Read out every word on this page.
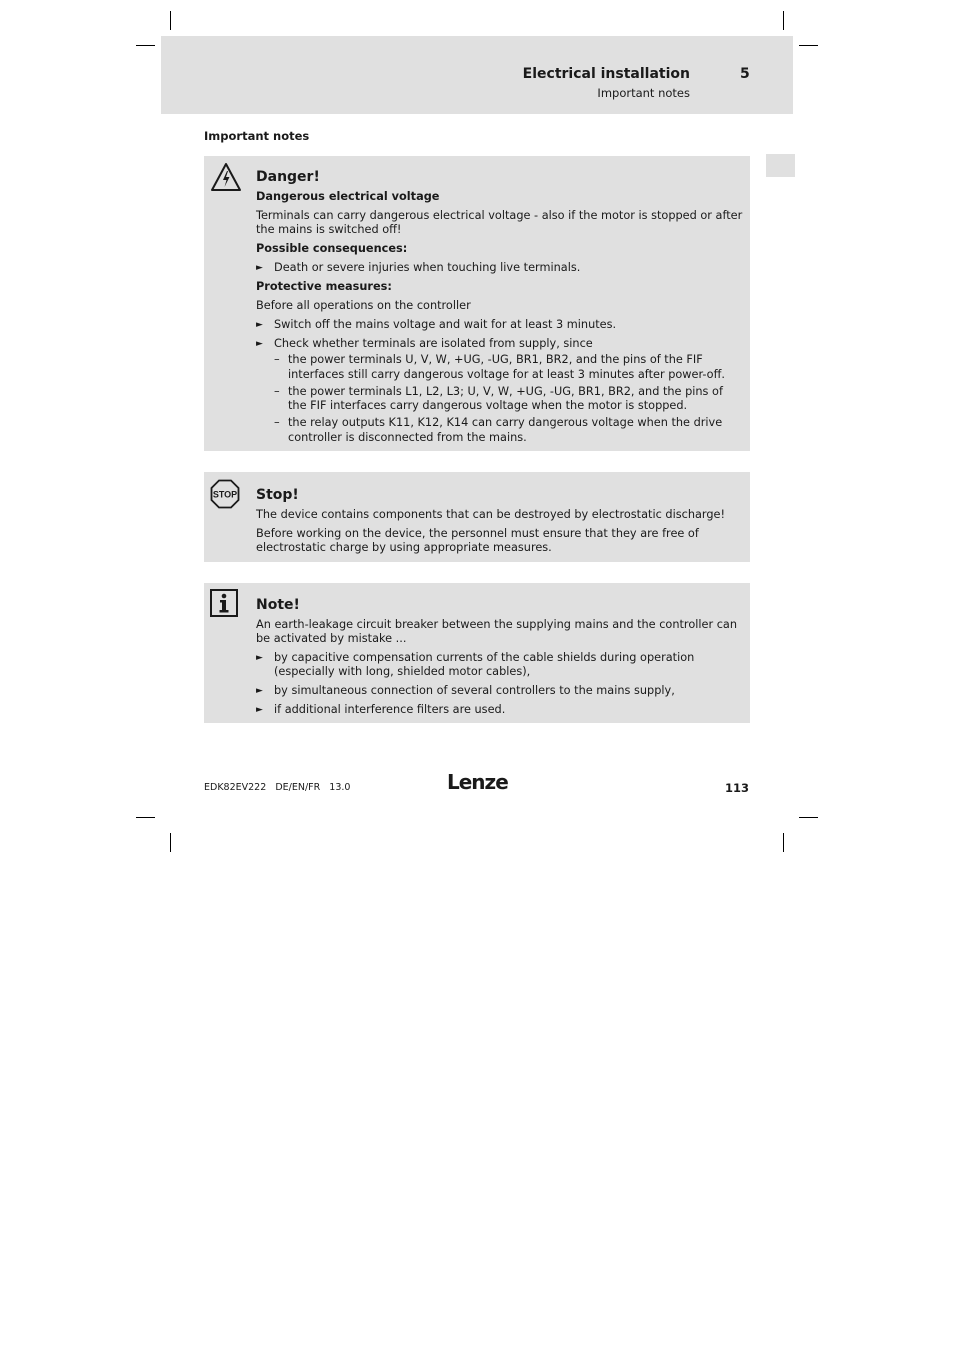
Electrical installation
Important notes
5
Important notes
Danger!
Dangerous electrical voltage
Terminals can carry dangerous electrical voltage - also if the motor is stopped or after the mains is switched off!
Possible consequences:
► Death or severe injuries when touching live terminals.
Protective measures:
Before all operations on the controller
► Switch off the mains voltage and wait for at least 3 minutes.
► Check whether terminals are isolated from supply, since
– the power terminals U, V, W, +UG, -UG, BR1, BR2, and the pins of the FIF interfaces still carry dangerous voltage for at least 3 minutes after power-off.
– the power terminals L1, L2, L3; U, V, W, +UG, -UG, BR1, BR2, and the pins of the FIF interfaces carry dangerous voltage when the motor is stopped.
– the relay outputs K11, K12, K14 can carry dangerous voltage when the drive controller is disconnected from the mains.
STOP Stop!
The device contains components that can be destroyed by electrostatic discharge!
Before working on the device, the personnel must ensure that they are free of electrostatic charge by using appropriate measures.
Note!
An earth-leakage circuit breaker between the supplying mains and the controller can be activated by mistake ...
► by capacitive compensation currents of the cable shields during operation (especially with long, shielded motor cables),
► by simultaneous connection of several controllers to the mains supply,
► if additional interference filters are used.
EDK82EV222   DE/EN/FR   13.0	Lenze	113
